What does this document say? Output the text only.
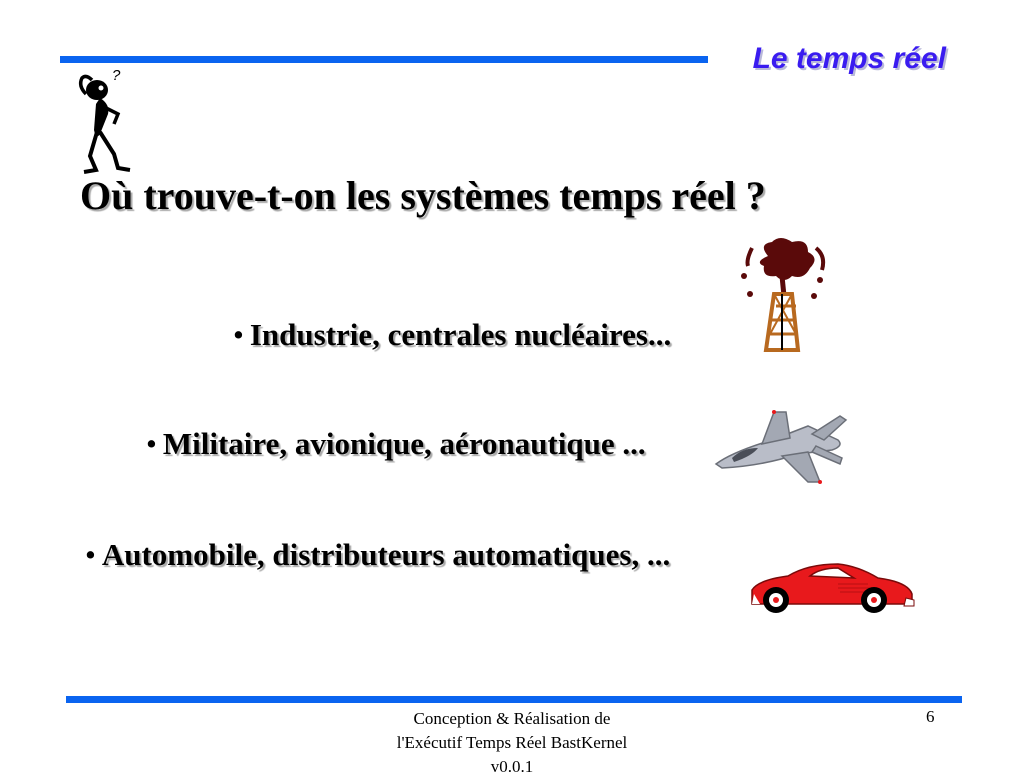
Le temps réel
?
Où trouve-t-on les systèmes temps réel ?
• Industrie, centrales nucléaires...
• Militaire, avionique, aéronautique ...
• Automobile, distributeurs automatiques, ...
Conception & Réalisation de
l'Exécutif Temps Réel BastKernel
v0.0.1
6
